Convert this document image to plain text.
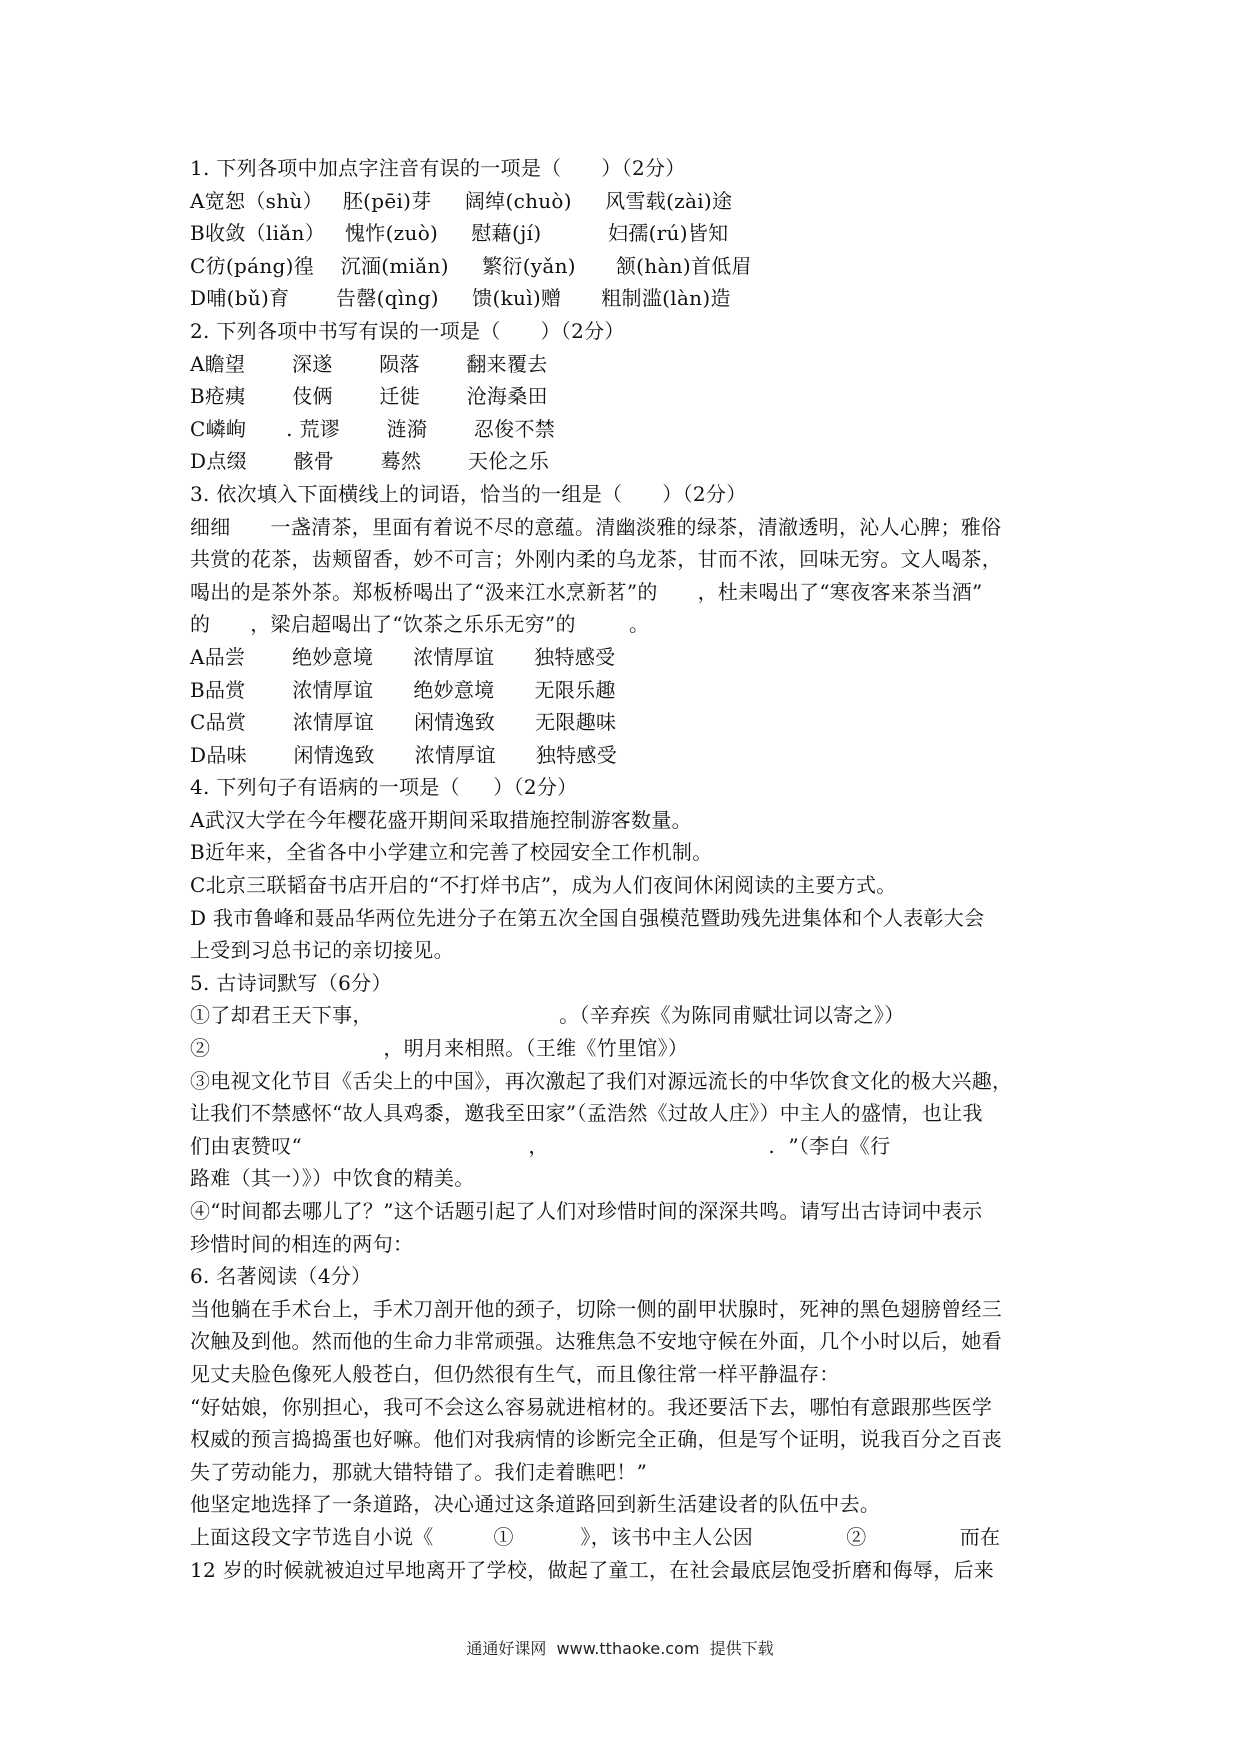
1. 下列各项中加点字注音有误的一项是（      ）（2分）
A宽恕（shù）   胚(pēi)芽     阔绰(chuò)     风雪载(zài)途
B收敛（liǎn）   愧怍(zuò)     慰藉(jí)          妇孺(rú)皆知
C彷(páng)徨    沉湎(miǎn)     繁衍(yǎn)      颔(hàn)首低眉
D哺(bǔ)育       告罄(qìng)     馈(kuì)赠      粗制滥(làn)造
2. 下列各项中书写有误的一项是（      ）（2分）
A瞻望       深遂       陨落       翻来覆去
B疮痍       伎俩       迁徙       沧海桑田
C嶙峋      . 荒谬       涟漪       忍俊不禁
D点缀       骸骨       蓦然       天伦之乐
3. 依次填入下面横线上的词语，恰当的一组是（      ）（2分）
细细      一盏清茶，里面有着说不尽的意蕴。清幽淡雅的绿茶，清澈透明，沁人心脾；雅俗
共赏的花茶，齿颊留香，妙不可言；外刚内柔的乌龙茶，甘而不浓，回味无穷。文人喝茶，
喝出的是茶外茶。郑板桥喝出了“汲来江水烹新茗”的      ，杜耒喝出了“寒夜客来茶当酒”
的      ，梁启超喝出了“饮茶之乐乐无穷”的        。
A品尝       绝妙意境      浓情厚谊      独特感受
B品赏       浓情厚谊      绝妙意境      无限乐趣
C品赏       浓情厚谊      闲情逸致      无限趣味
D品味       闲情逸致      浓情厚谊      独特感受
4. 下列句子有语病的一项是（     ）（2分）
A武汉大学在今年樱花盛开期间采取措施控制游客数量。
B近年来，全省各中小学建立和完善了校园安全工作机制。
C北京三联韬奋书店开启的“不打烊书店”，成为人们夜间休闲阅读的主要方式。
D 我市鲁峰和聂品华两位先进分子在第五次全国自强模范暨助残先进集体和个人表彰大会
上受到习总书记的亲切接见。
5. 古诗词默写（6分）
①了却君王天下事，                            。（辛弃疾《为陈同甫赋壮词以寄之》）
②                          ，明月来相照。（王维《竹里馆》）
③电视文化节目《舌尖上的中国》，再次激起了我们对源远流长的中华饮食文化的极大兴趣，
让我们不禁感怀“故人具鸡黍，邀我至田家”（孟浩然《过故人庄》）中主人的盛情，也让我
们由衷赞叹“                                  ，                                 .  ”（李白《行
路难（其一）》）中饮食的精美。
④“时间都去哪儿了？”这个话题引起了人们对珍惜时间的深深共鸣。请写出古诗词中表示
珍惜时间的相连的两句：
6. 名著阅读（4分）
当他躺在手术台上，手术刀剖开他的颈子，切除一侧的副甲状腺时，死神的黑色翅膀曾经三
次触及到他。然而他的生命力非常顽强。达雅焦急不安地守候在外面，几个小时以后，她看
见丈夫脸色像死人般苍白，但仍然很有生气，而且像往常一样平静温存：
“好姑娘，你别担心，我可不会这么容易就进棺材的。我还要活下去，哪怕有意跟那些医学
权威的预言捣捣蛋也好嘛。他们对我病情的诊断完全正确，但是写个证明，说我百分之百丧
失了劳动能力，那就大错特错了。我们走着瞧吧！”
他坚定地选择了一条道路，决心通过这条道路回到新生活建设者的队伍中去。
上面这段文字节选自小说《         ①          》，该书中主人公因              ②              而在
12 岁的时候就被迫过早地离开了学校，做起了童工，在社会最底层饱受折磨和侮辱，后来
通通好课网  www.tthaoke.com  提供下载
